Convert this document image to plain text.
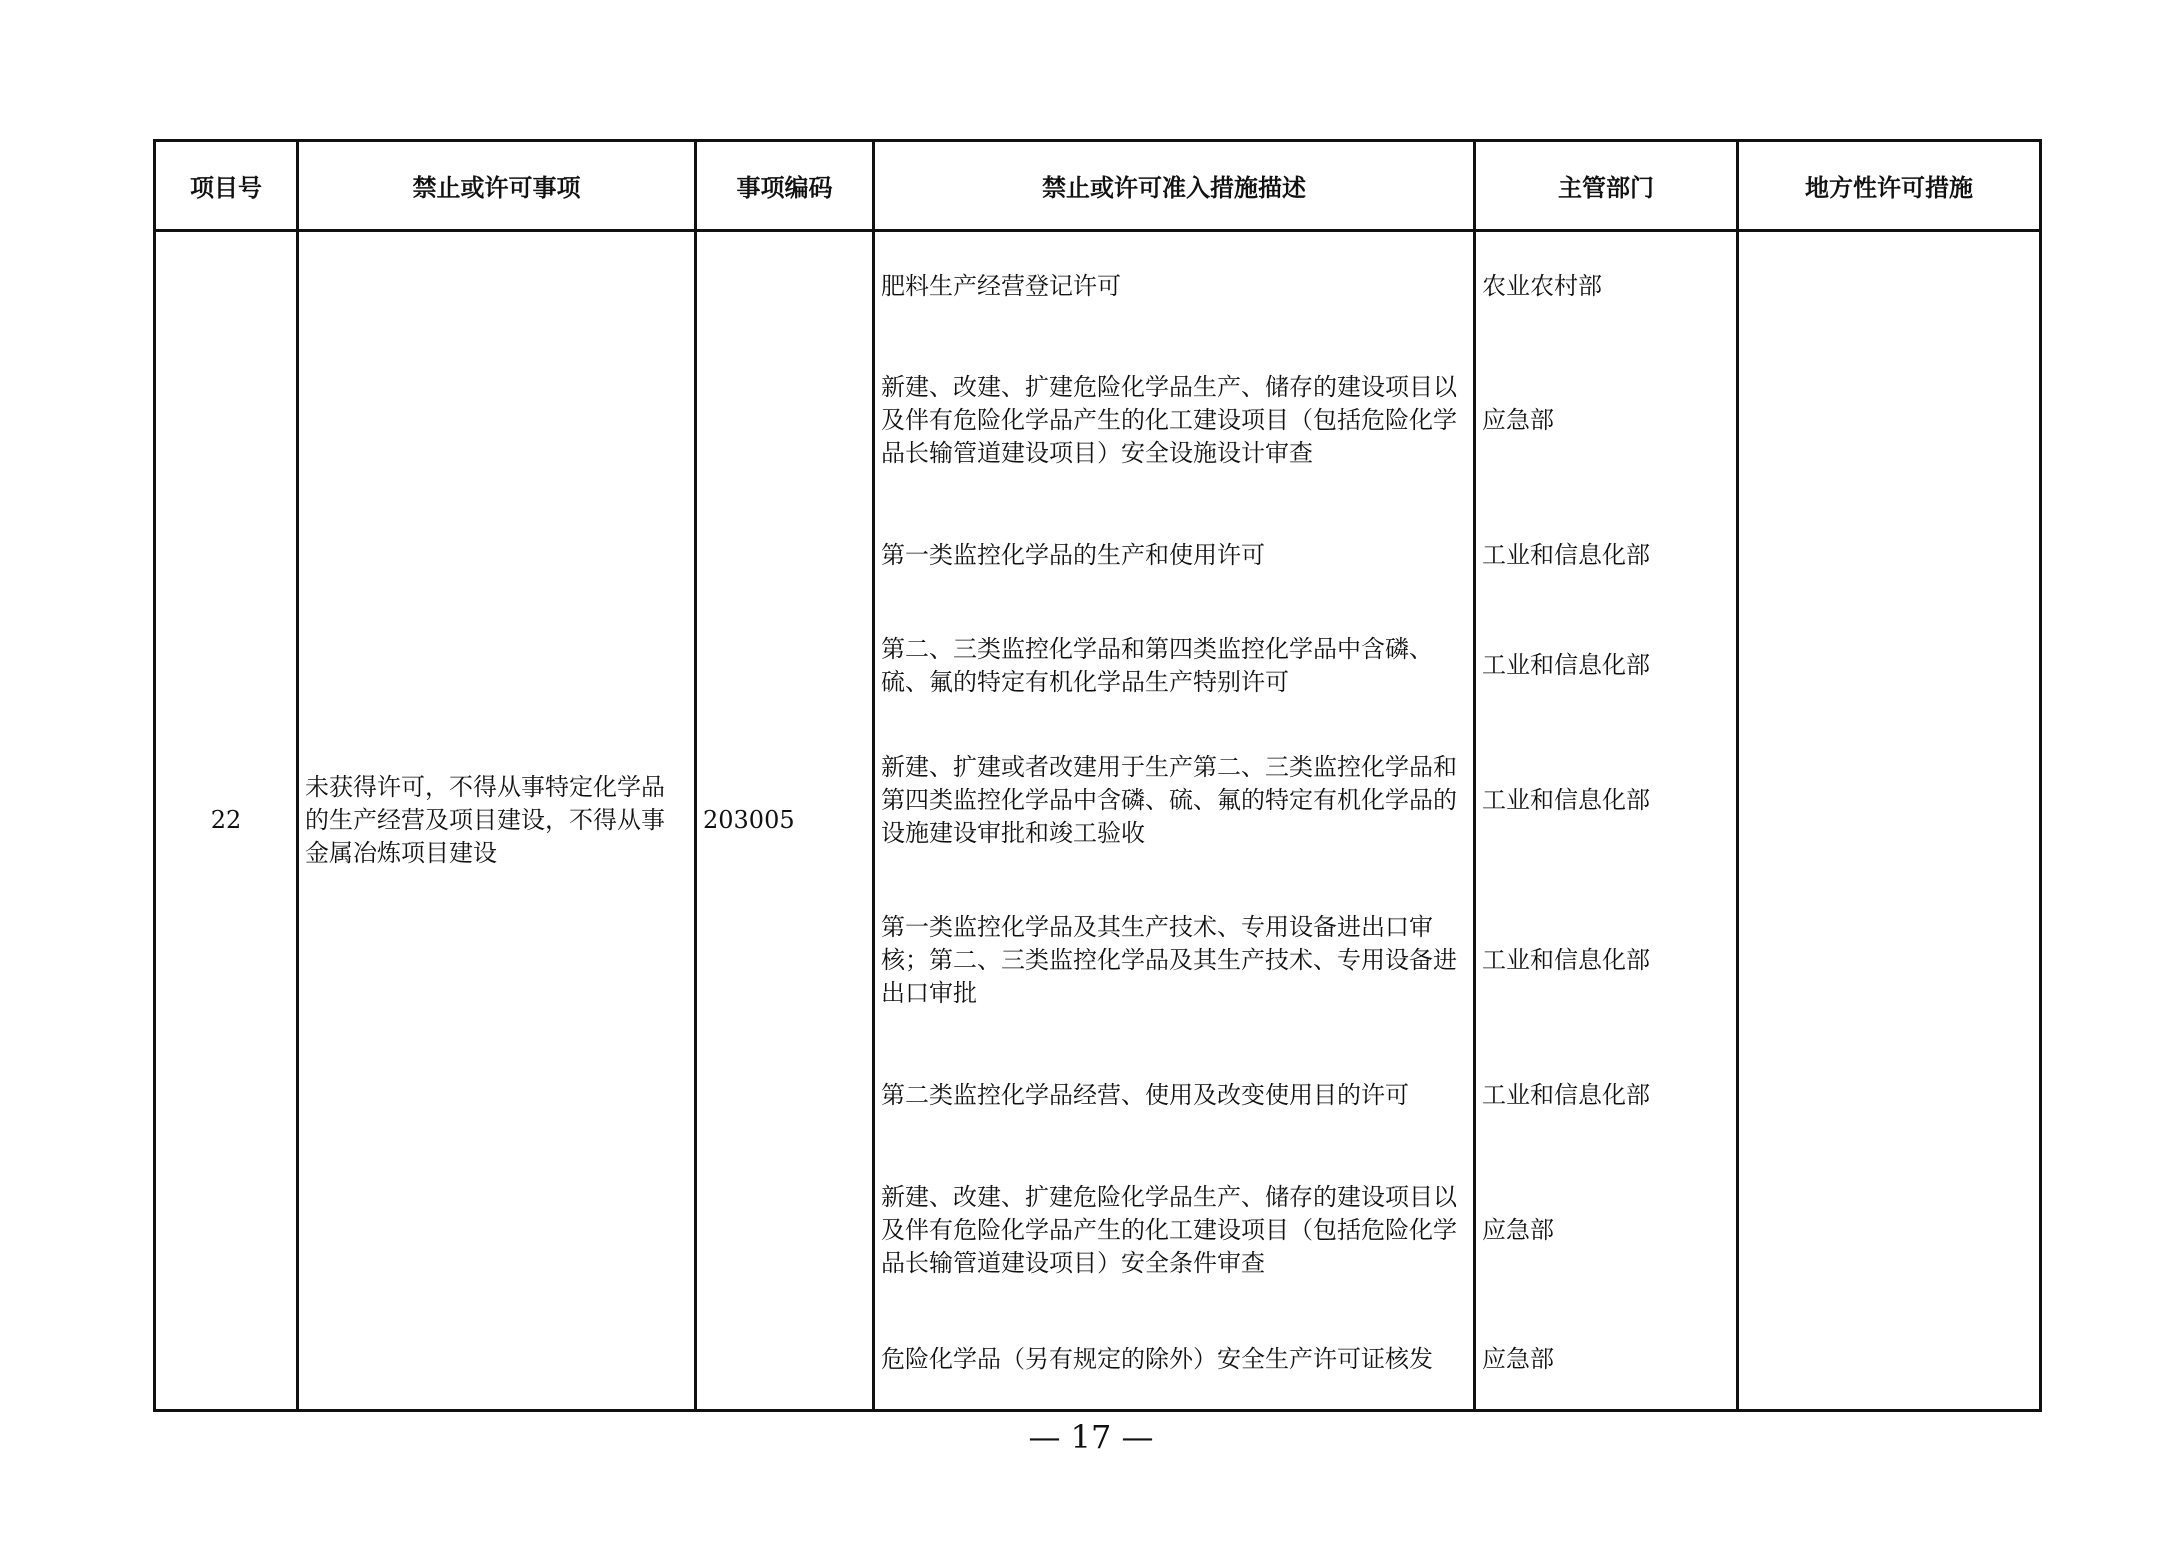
项目号	禁止或许可事项	事项编码	禁止或许可准入措施描述	主管部门	地方性许可措施
22	未获得许可，不得从事特定化学品的生产经营及项目建设，不得从事金属冶炼项目建设	203005	肥料生产经营登记许可	农业农村部	
			新建、改建、扩建危险化学品生产、储存的建设项目以及伴有危险化学品产生的化工建设项目（包括危险化学品长输管道建设项目）安全设施设计审查	应急部	
			第一类监控化学品的生产和使用许可	工业和信息化部	
			第二、三类监控化学品和第四类监控化学品中含磷、硫、氟的特定有机化学品生产特别许可	工业和信息化部	
			新建、扩建或者改建用于生产第二、三类监控化学品和第四类监控化学品中含磷、硫、氟的特定有机化学品的设施建设审批和竣工验收	工业和信息化部	
			第一类监控化学品及其生产技术、专用设备进出口审核；第二、三类监控化学品及其生产技术、专用设备进出口审批	工业和信息化部	
			第二类监控化学品经营、使用及改变使用目的许可	工业和信息化部	
			新建、改建、扩建危险化学品生产、储存的建设项目以及伴有危险化学品产生的化工建设项目（包括危险化学品长输管道建设项目）安全条件审查	应急部	
			危险化学品（另有规定的除外）安全生产许可证核发	应急部	
— 17 —
